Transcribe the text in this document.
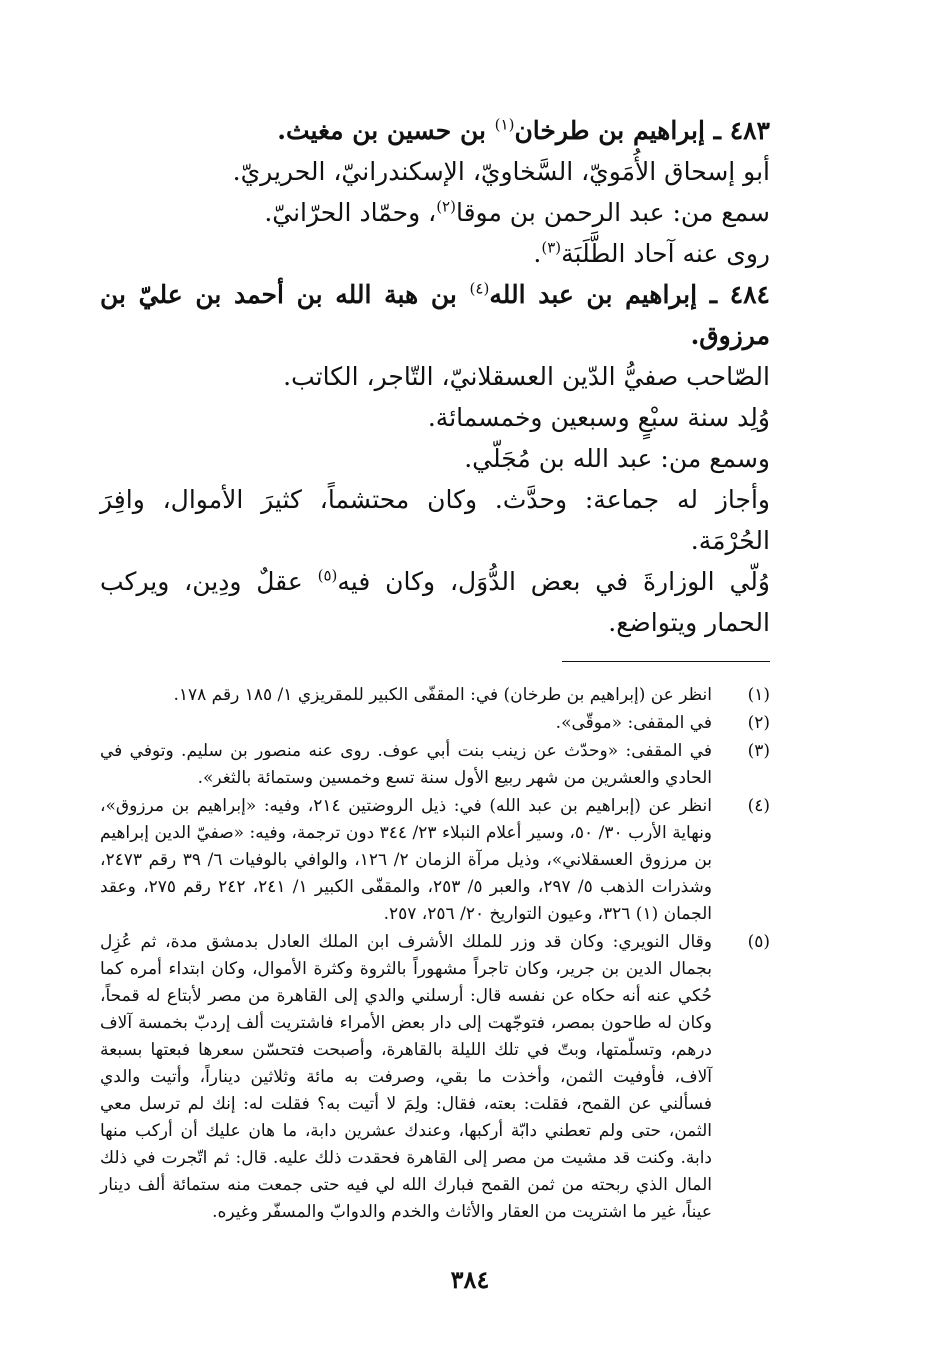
٤٨٣ ـ إبراهيم بن طرخان$^{(١)}$ بن حسين بن مغيث.

أبو إسحاق الأُمَويّ، السَّخاويّ، الإسكندرانيّ، الحريريّ.

سمع من: عبد الرحمن بن موقا$^{(٢)}$، وحمّاد الحرّانيّ.

روى عنه آحاد الطَّلَبَة$^{(٣)}$.

٤٨٤ ـ إبراهيم بن عبد الله$^{(٤)}$ بن هبة الله بن أحمد بن عليّ بن مرزوق.

الصّاحب صفيُّ الدّين العسقلانيّ، التّاجر، الكاتب.

وُلِد سنة سبْعٍ وسبعين وخمسمائة.

وسمع من: عبد الله بن مُجَلّي.

وأجاز له جماعة: وحدَّث. وكان محتشماً، كثيرَ الأموال، وافِرَ الحُرْمَة.

وُلّي الوزارةَ في بعض الدُّوَل، وكان فيه$^{(٥)}$ عقلٌ ودِين، ويركب الحمار ويتواضع.

(١)
انظر عن (إبراهيم بن طرخان) في: المقفّى الكبير للمقريزي ١/ ١٨٥ رقم ١٧٨.
(٢)
في المقفى: «موقّى».
(٣)
في المقفى: «وحدّث عن زينب بنت أبي عوف. روى عنه منصور بن سليم. وتوفي في الحادي والعشرين من شهر ربيع الأول سنة تسع وخمسين وستمائة بالثغر».
(٤)
انظر عن (إبراهيم بن عبد الله) في: ذيل الروضتين ٢١٤، وفيه: «إبراهيم بن مرزوق»، ونهاية الأرب ٣٠/ ٥٠، وسير أعلام النبلاء ٢٣/ ٣٤٤ دون ترجمة، وفيه: «صفيّ الدين إبراهيم بن مرزوق العسقلاني»، وذيل مرآة الزمان ٢/ ١٢٦، والوافي بالوفيات ٦/ ٣٩ رقم ٢٤٧٣، وشذرات الذهب ٥/ ٢٩٧، والعبر ٥/ ٢٥٣، والمقفّى الكبير ١/ ٢٤١، ٢٤٢ رقم ٢٧٥، وعقد الجمان (١) ٣٢٦، وعيون التواريخ ٢٠/ ٢٥٦، ٢٥٧.
(٥)
وقال النويري: وكان قد وزر للملك الأشرف ابن الملك العادل بدمشق مدة، ثم عُزِل بجمال الدين بن جرير، وكان تاجراً مشهوراً بالثروة وكثرة الأموال، وكان ابتداء أمره كما حُكي عنه أنه حكاه عن نفسه قال: أرسلني والدي إلى القاهرة من مصر لأبتاع له قمحاً، وكان له طاحون بمصر، فتوجّهت إلى دار بعض الأمراء فاشتريت ألف إردبّ بخمسة آلاف درهم، وتسلّمتها، وبتّ في تلك الليلة بالقاهرة، وأصبحت فتحسّن سعرها فبعتها بسبعة آلاف، فأوفيت الثمن، وأخذت ما بقي، وصرفت به مائة وثلاثين ديناراً، وأتيت والدي فسألني عن القمح، فقلت: بعته، فقال: ولِمَ لا أتيت به؟ فقلت له: إنك لم ترسل معي الثمن، حتى ولم تعطني دابّة أركبها، وعندك عشرين دابة، ما هان عليك أن أركب منها دابة. وكنت قد مشيت من مصر إلى القاهرة فحقدت ذلك عليه. قال: ثم اتّجرت في ذلك المال الذي ربحته من ثمن القمح فبارك الله لي فيه حتى جمعت منه ستمائة ألف دينار عيناً، غير ما اشتريت من العقار والأثاث والخدم والدوابّ والمسفّر وغيره.
٣٨٤
